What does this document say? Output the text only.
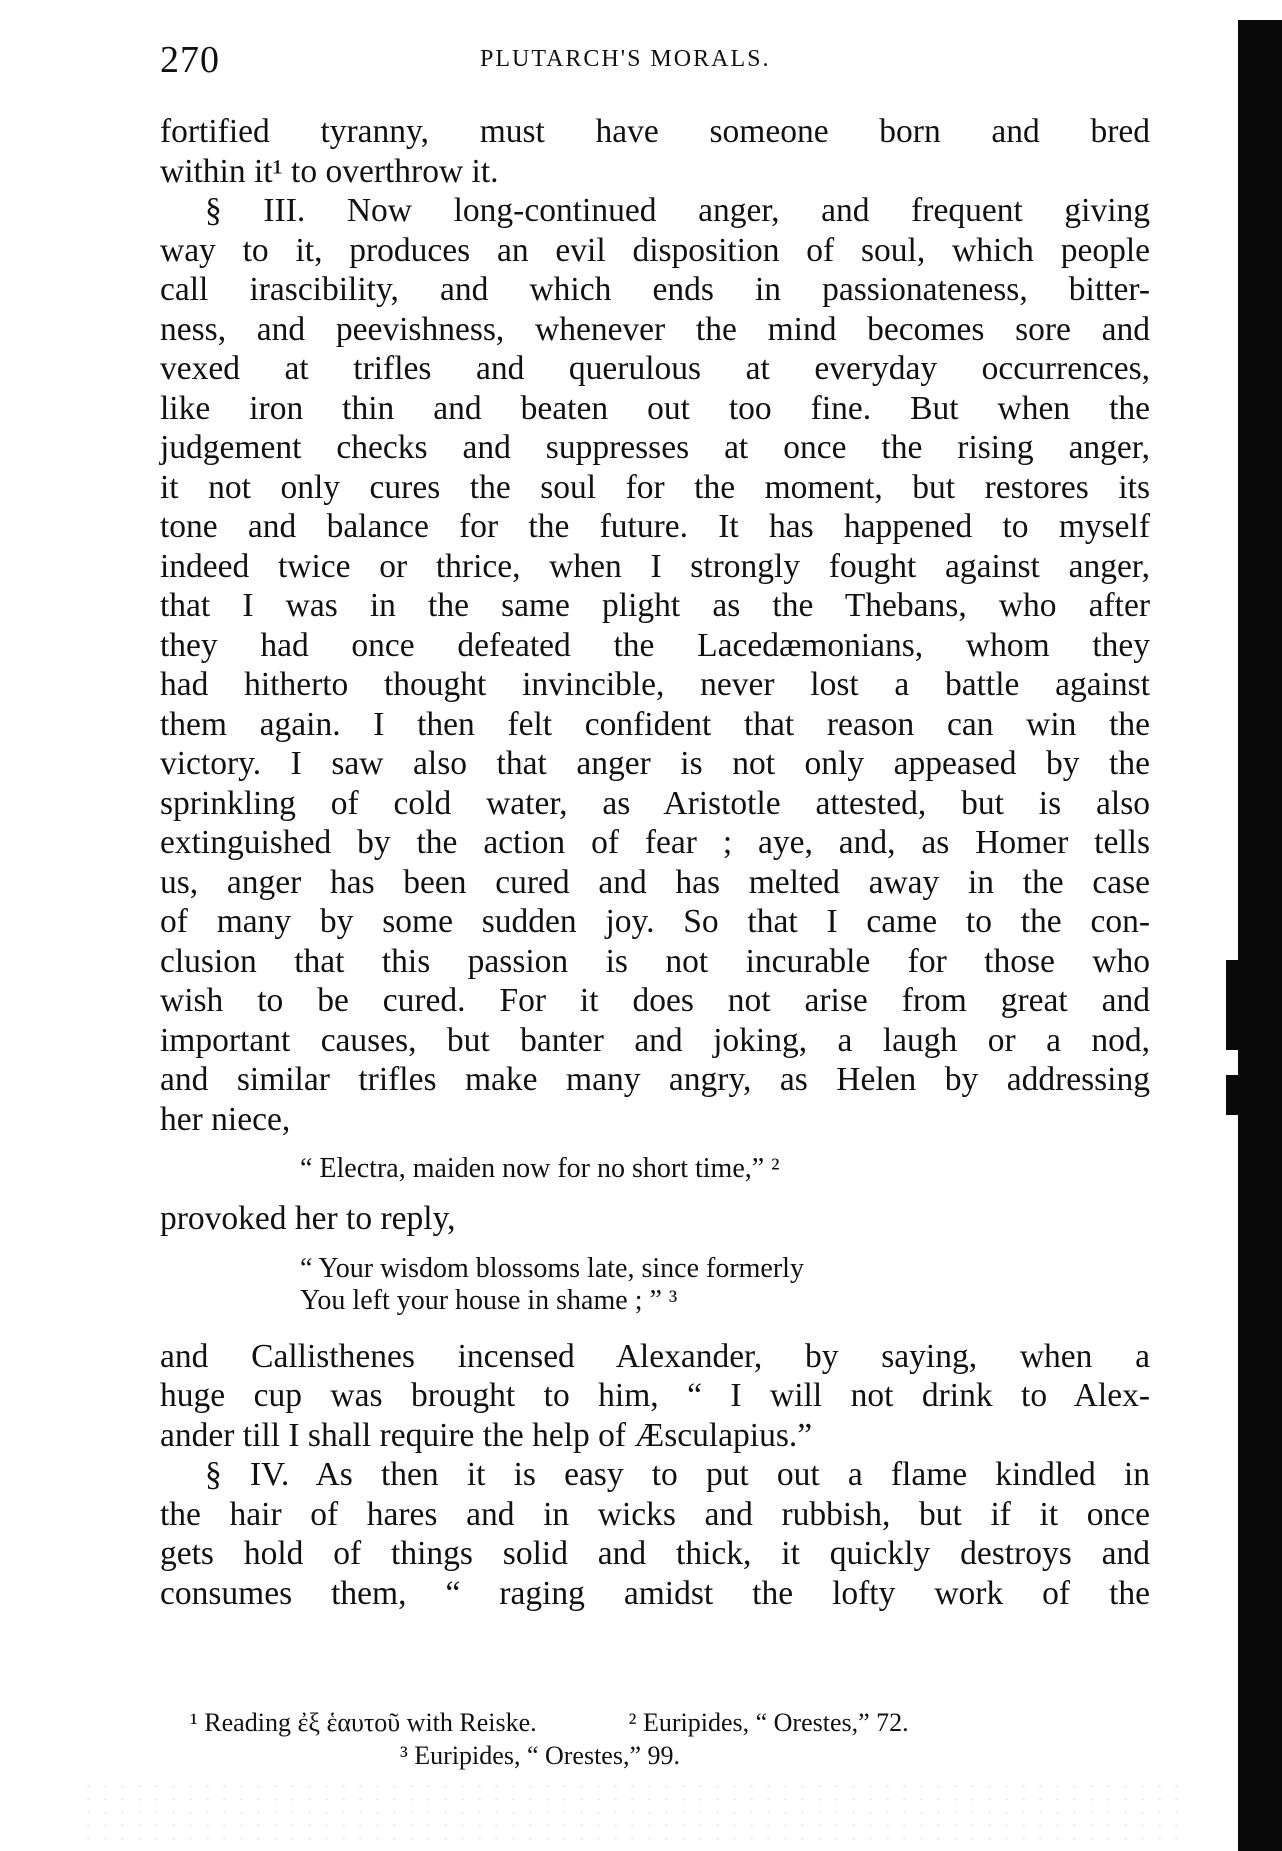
270	PLUTARCH'S MORALS.
fortified tyranny, must have someone born and bred
within it¹ to overthrow it.
§ III. Now long-continued anger, and frequent giving
way to it, produces an evil disposition of soul, which people
call irascibility, and which ends in passionateness, bitter-
ness, and peevishness, whenever the mind becomes sore and
vexed at trifles and querulous at everyday occurrences,
like iron thin and beaten out too fine. But when the
judgement checks and suppresses at once the rising anger,
it not only cures the soul for the moment, but restores its
tone and balance for the future. It has happened to myself
indeed twice or thrice, when I strongly fought against anger,
that I was in the same plight as the Thebans, who after
they had once defeated the Lacedæmonians, whom they
had hitherto thought invincible, never lost a battle against
them again. I then felt confident that reason can win the
victory. I saw also that anger is not only appeased by the
sprinkling of cold water, as Aristotle attested, but is also
extinguished by the action of fear ; aye, and, as Homer tells
us, anger has been cured and has melted away in the case
of many by some sudden joy. So that I came to the con-
clusion that this passion is not incurable for those who
wish to be cured. For it does not arise from great and
important causes, but banter and joking, a laugh or a nod,
and similar trifles make many angry, as Helen by addressing
her niece,
“ Electra, maiden now for no short time,” ²
provoked her to reply,
“ Your wisdom blossoms late, since formerly
You left your house in shame ; ” ³
and Callisthenes incensed Alexander, by saying, when a
huge cup was brought to him, “ I will not drink to Alex-
ander till I shall require the help of Æsculapius.”
§ IV. As then it is easy to put out a flame kindled in
the hair of hares and in wicks and rubbish, but if it once
gets hold of things solid and thick, it quickly destroys and
consumes them, “ raging amidst the lofty work of the
¹ Reading ἐξ ἑαυτοῦ with Reiske.	² Euripides, “ Orestes,” 72.
³ Euripides, “ Orestes,” 99.
